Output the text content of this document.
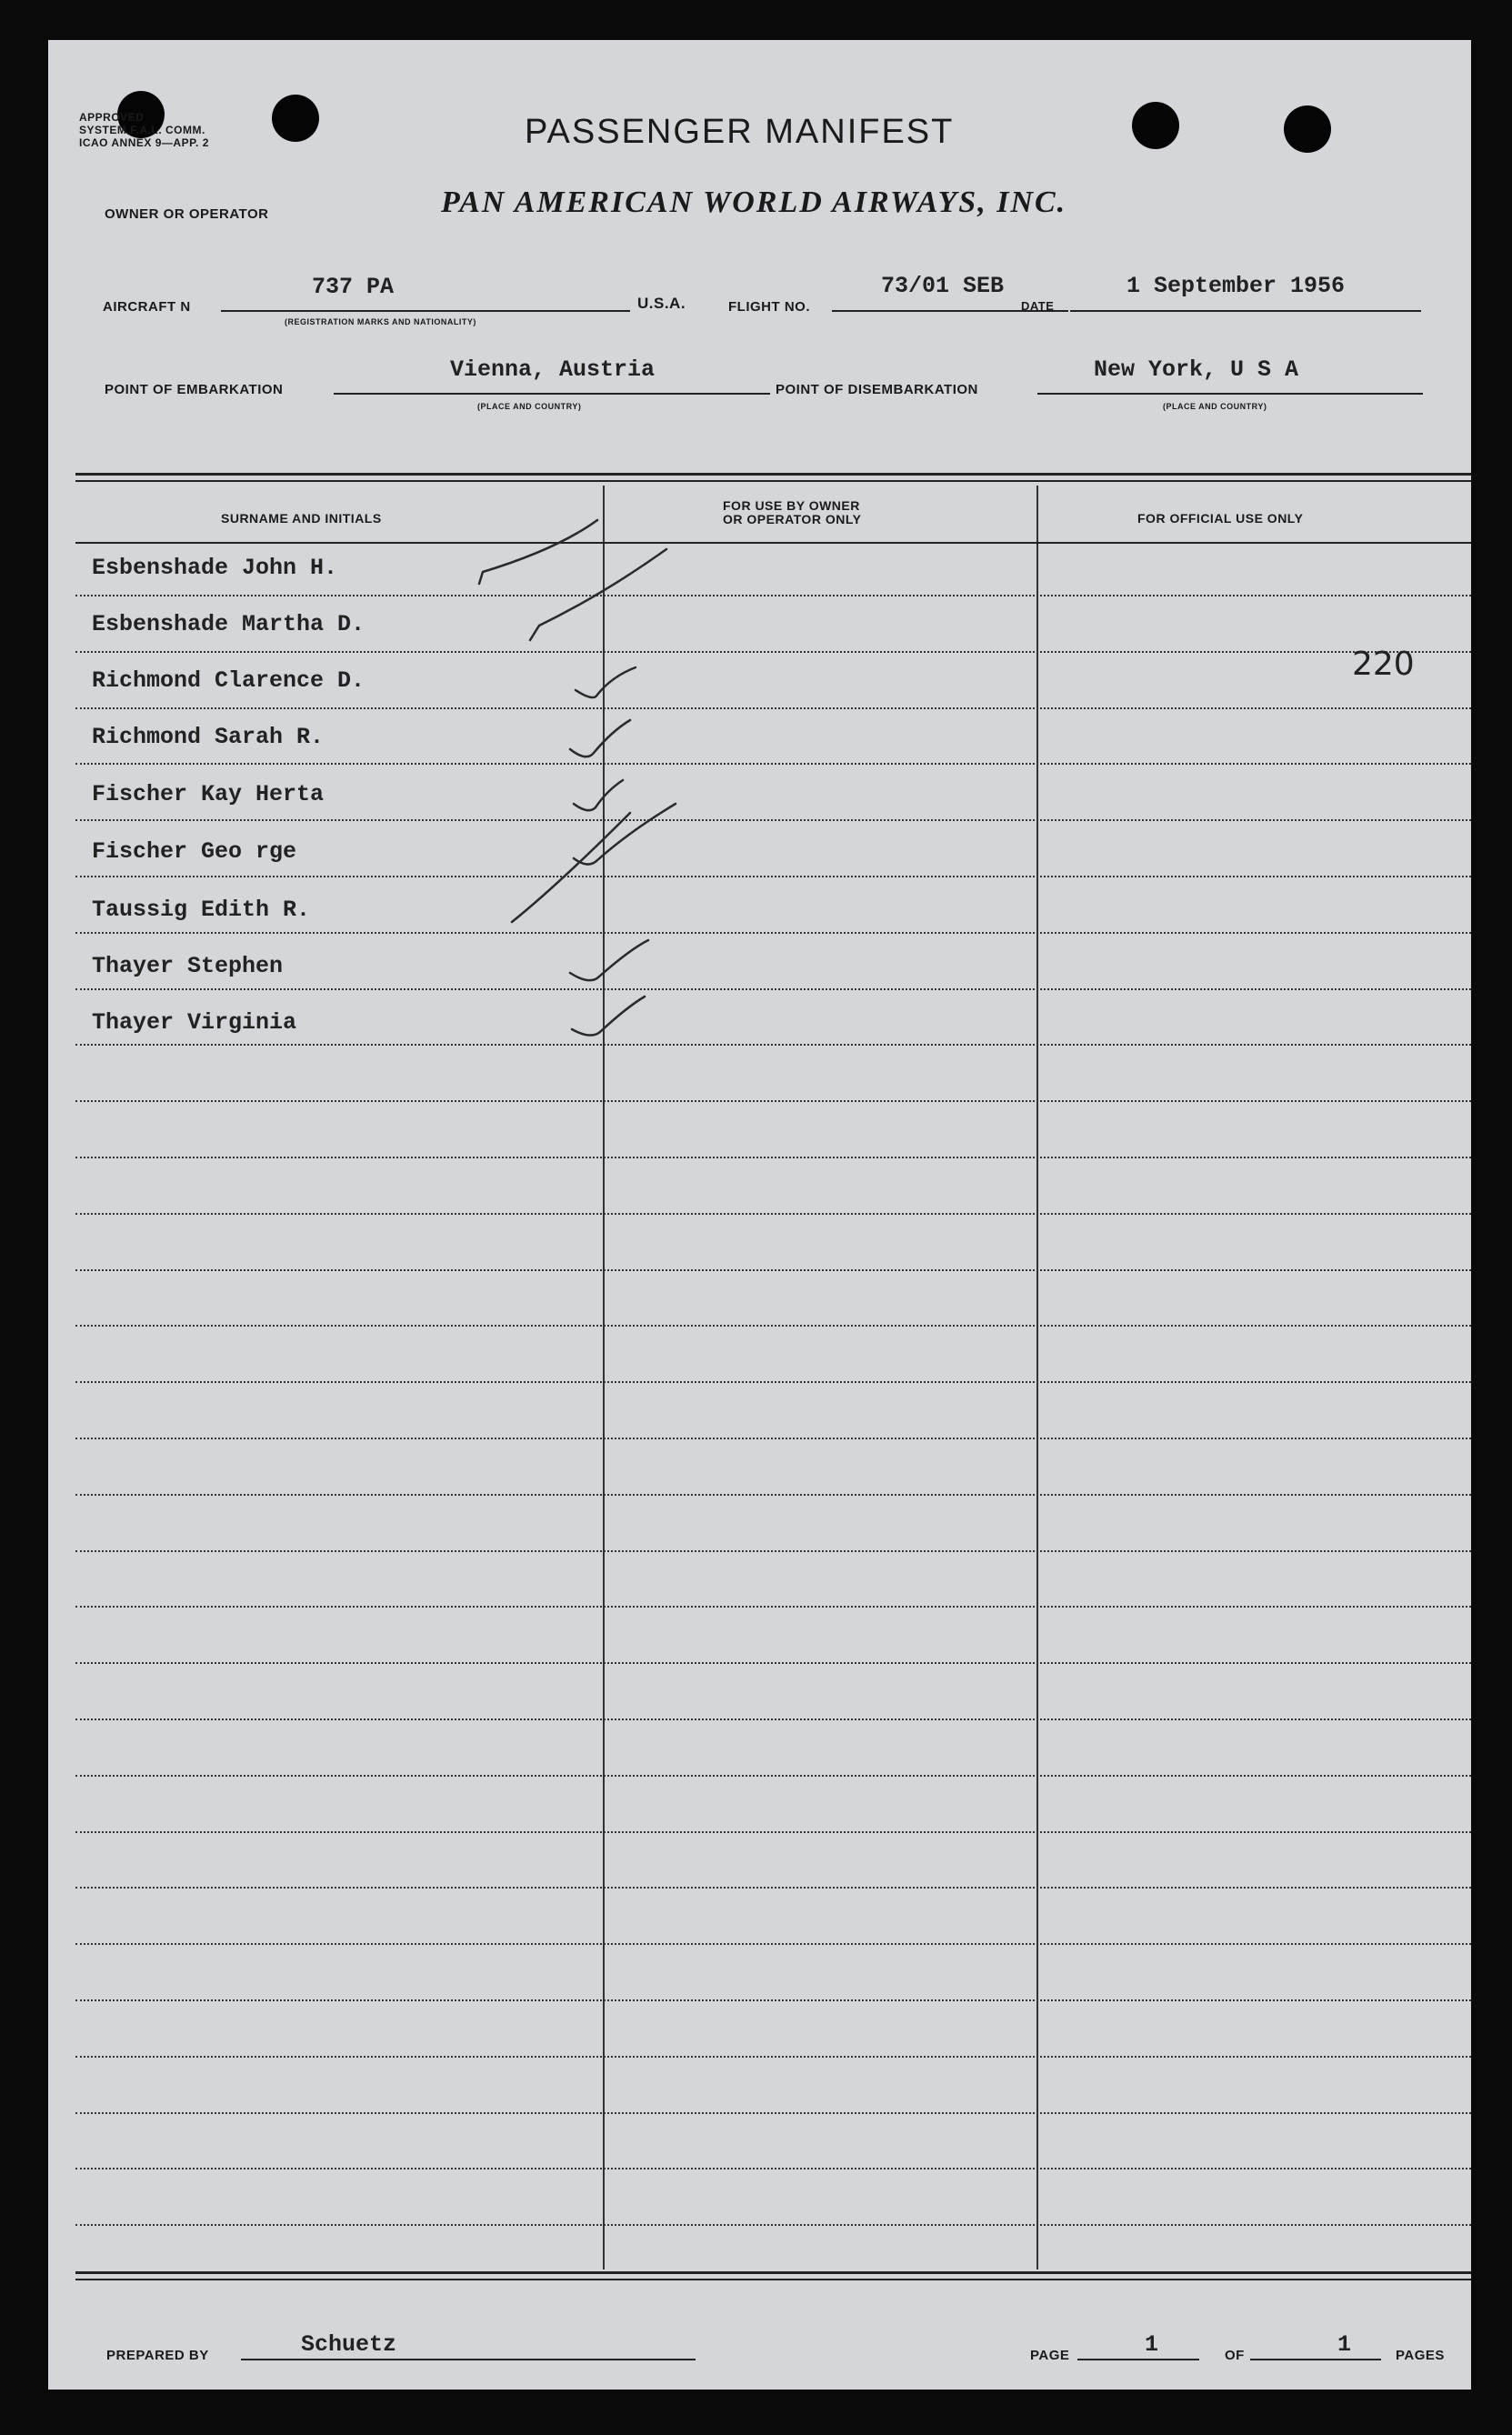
APPROVED
SYSTEM F.A.L. COMM.
ICAO ANNEX 9—APP. 2
OWNER OR OPERATOR
PASSENGER MANIFEST
PAN AMERICAN WORLD AIRWAYS, INC.
AIRCRAFT N
737 PA
(REGISTRATION MARKS AND NATIONALITY)
U.S.A.	FLIGHT NO.
73/01 SEB
DATE
1 September 1956
POINT OF EMBARKATION
Vienna, Austria
(PLACE AND COUNTRY)
POINT OF DISEMBARKATION
New York, U S A
(PLACE AND COUNTRY)
SURNAME AND INITIALS
FOR USE BY OWNER
OR OPERATOR ONLY	FOR OFFICIAL USE ONLY
Esbenshade John H.
Esbenshade Martha D.
Richmond Clarence D.
Richmond Sarah R.
Fischer Kay Herta
Fischer Geo rge
Taussig Edith R.
Thayer Stephen
Thayer Virginia
220
PREPARED BY	Schuetz	PAGE	1	OF	1	PAGES
